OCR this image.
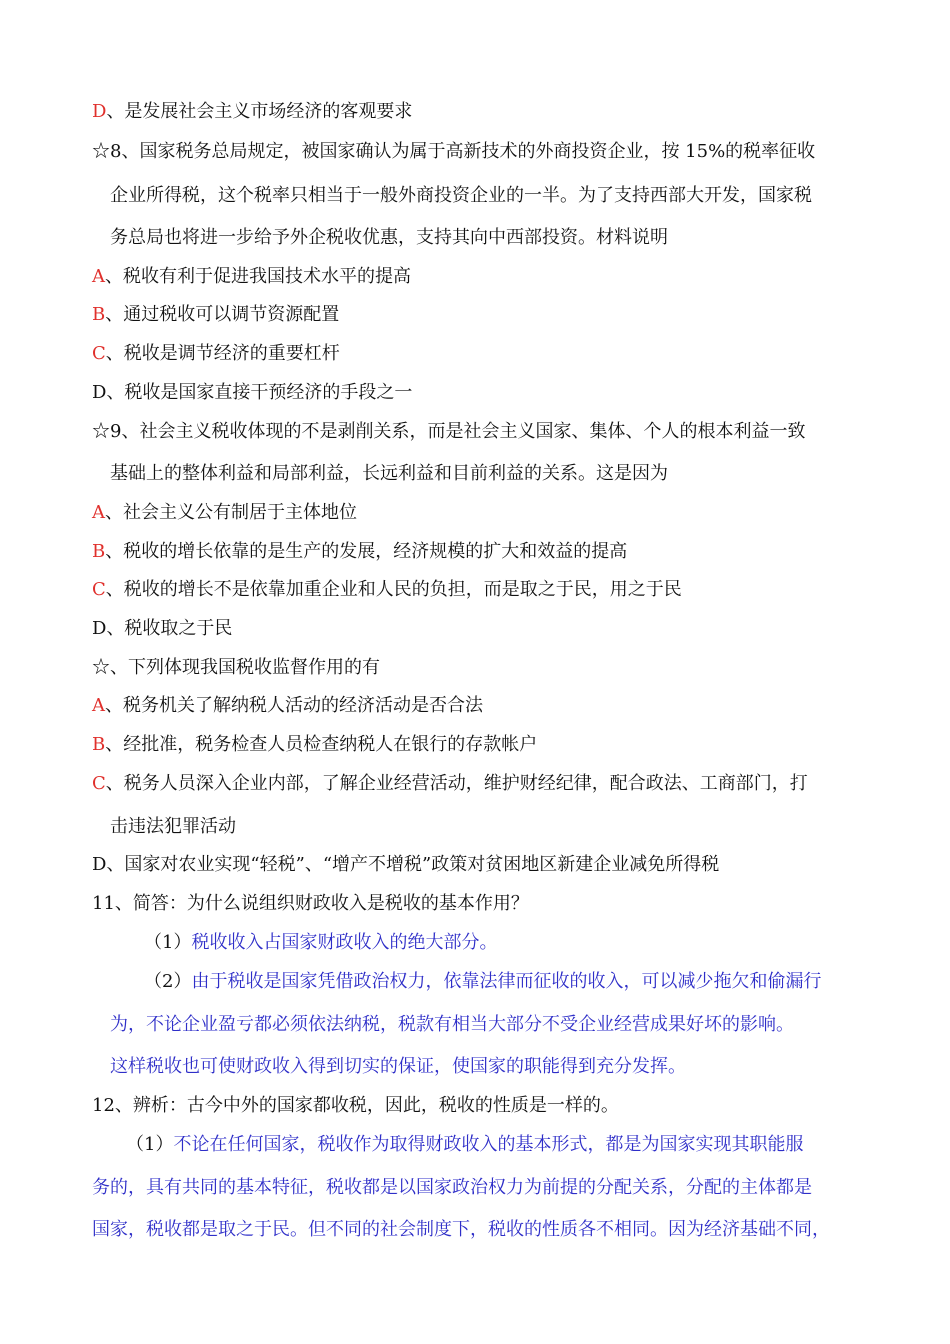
D、是发展社会主义市场经济的客观要求
☆8、国家税务总局规定，被国家确认为属于高新技术的外商投资企业，按 15%的税率征收
企业所得税，这个税率只相当于一般外商投资企业的一半。为了支持西部大开发，国家税
务总局也将进一步给予外企税收优惠，支持其向中西部投资。材料说明
A、税收有利于促进我国技术水平的提高
B、通过税收可以调节资源配置
C、税收是调节经济的重要杠杆
D、税收是国家直接干预经济的手段之一
☆9、社会主义税收体现的不是剥削关系，而是社会主义国家、集体、个人的根本利益一致
基础上的整体利益和局部利益，长远利益和目前利益的关系。这是因为
A、社会主义公有制居于主体地位
B、税收的增长依靠的是生产的发展，经济规模的扩大和效益的提高
C、税收的增长不是依靠加重企业和人民的负担，而是取之于民，用之于民
D、税收取之于民
☆、下列体现我国税收监督作用的有
A、税务机关了解纳税人活动的经济活动是否合法
B、经批准，税务检查人员检查纳税人在银行的存款帐户
C、税务人员深入企业内部，了解企业经营活动，维护财经纪律，配合政法、工商部门，打
击违法犯罪活动
D、国家对农业实现“轻税”、“增产不增税”政策对贫困地区新建企业减免所得税
11、简答：为什么说组织财政收入是税收的基本作用？
（1）税收收入占国家财政收入的绝大部分。
（2）由于税收是国家凭借政治权力，依靠法律而征收的收入，可以减少拖欠和偷漏行
为，不论企业盈亏都必须依法纳税，税款有相当大部分不受企业经营成果好坏的影响。
这样税收也可使财政收入得到切实的保证，使国家的职能得到充分发挥。
12、辨析：古今中外的国家都收税，因此，税收的性质是一样的。
（1）不论在任何国家，税收作为取得财政收入的基本形式，都是为国家实现其职能服
务的，具有共同的基本特征，税收都是以国家政治权力为前提的分配关系，分配的主体都是
国家，税收都是取之于民。但不同的社会制度下，税收的性质各不相同。因为经济基础不同，
